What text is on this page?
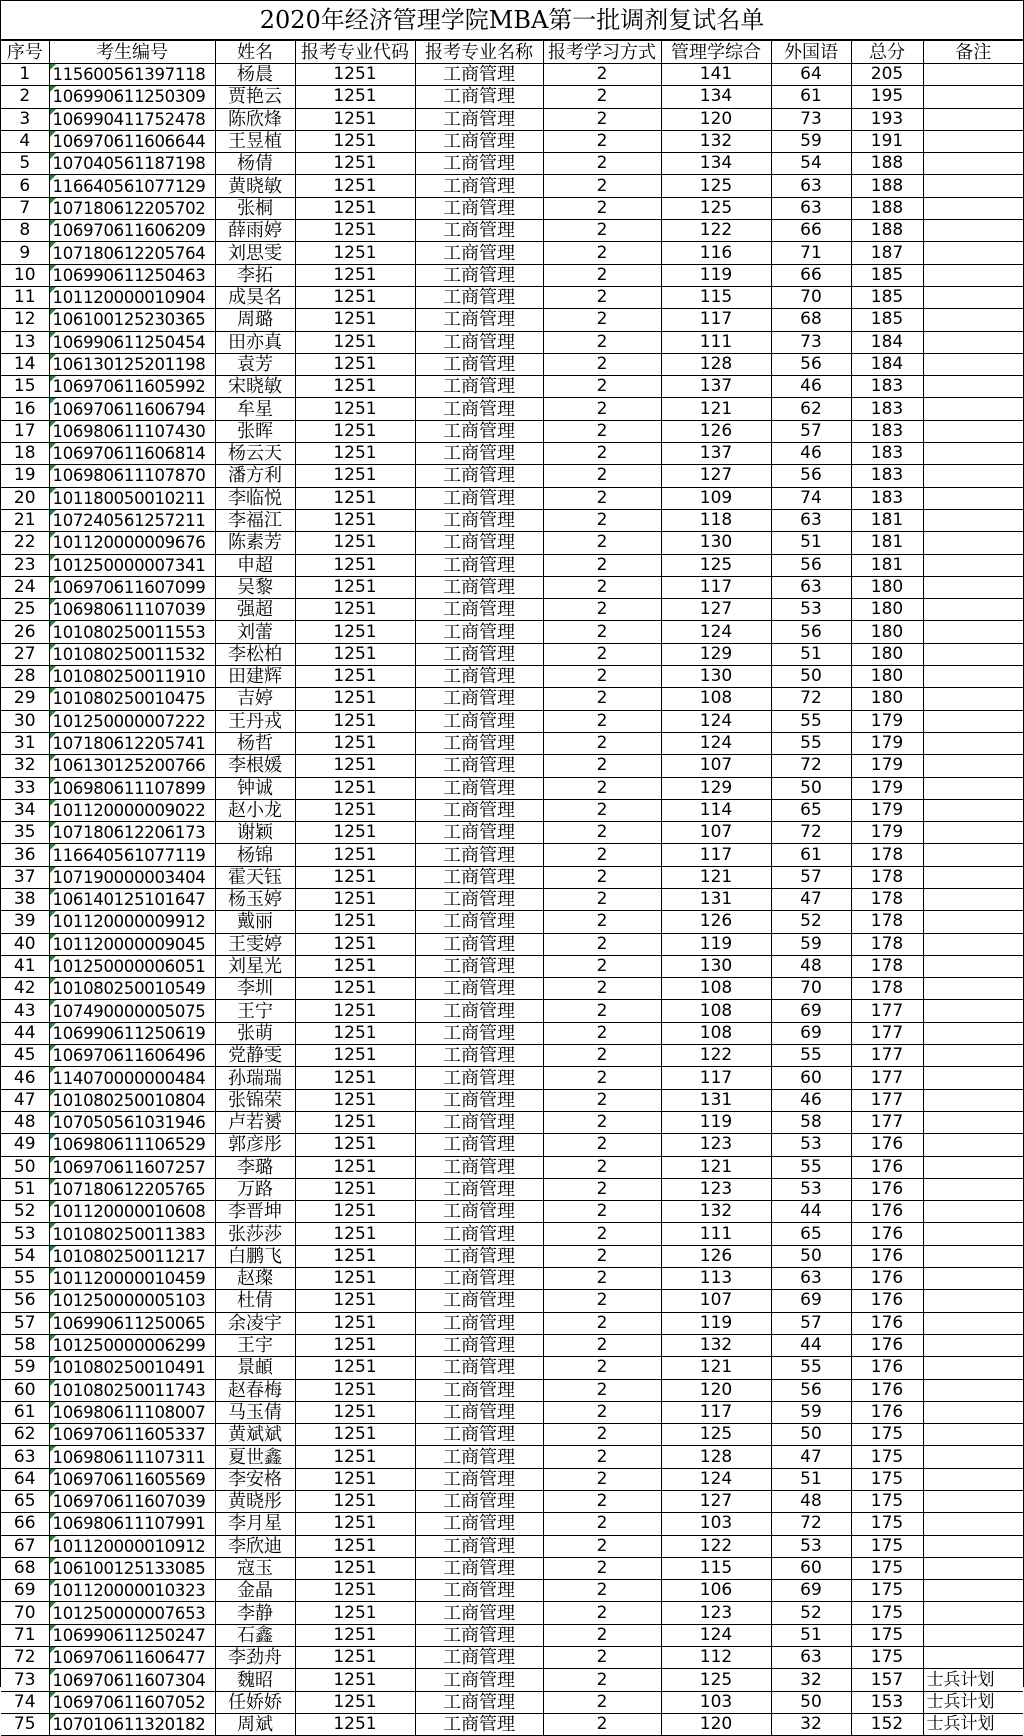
2020年经济管理学院MBA第一批调剂复试名单
序号	考生编号	姓名	报考专业代码	报考专业名称	报考学习方式	管理学综合	外国语	总分	备注
1	115600561397118	杨晨	1251	工商管理	2	141	64	205	
2	106990611250309	贾艳云	1251	工商管理	2	134	61	195	
3	106990411752478	陈欣烽	1251	工商管理	2	120	73	193	
4	106970611606644	王昱植	1251	工商管理	2	132	59	191	
5	107040561187198	杨倩	1251	工商管理	2	134	54	188	
6	116640561077129	黄晓敏	1251	工商管理	2	125	63	188	
7	107180612205702	张桐	1251	工商管理	2	125	63	188	
8	106970611606209	薛雨婷	1251	工商管理	2	122	66	188	
9	107180612205764	刘思雯	1251	工商管理	2	116	71	187	
10	106990611250463	李拓	1251	工商管理	2	119	66	185	
11	101120000010904	成昊名	1251	工商管理	2	115	70	185	
12	106100125230365	周璐	1251	工商管理	2	117	68	185	
13	106990611250454	田亦真	1251	工商管理	2	111	73	184	
14	106130125201198	袁芳	1251	工商管理	2	128	56	184	
15	106970611605992	宋晓敏	1251	工商管理	2	137	46	183	
16	106970611606794	牟星	1251	工商管理	2	121	62	183	
17	106980611107430	张晖	1251	工商管理	2	126	57	183	
18	106970611606814	杨云天	1251	工商管理	2	137	46	183	
19	106980611107870	潘方利	1251	工商管理	2	127	56	183	
20	101180050010211	李临悦	1251	工商管理	2	109	74	183	
21	107240561257211	李福江	1251	工商管理	2	118	63	181	
22	101120000009676	陈素芳	1251	工商管理	2	130	51	181	
23	101250000007341	申超	1251	工商管理	2	125	56	181	
24	106970611607099	吴黎	1251	工商管理	2	117	63	180	
25	106980611107039	强超	1251	工商管理	2	127	53	180	
26	101080250011553	刘蕾	1251	工商管理	2	124	56	180	
27	101080250011532	李松柏	1251	工商管理	2	129	51	180	
28	101080250011910	田建辉	1251	工商管理	2	130	50	180	
29	101080250010475	吉婷	1251	工商管理	2	108	72	180	
30	101250000007222	王丹戎	1251	工商管理	2	124	55	179	
31	107180612205741	杨哲	1251	工商管理	2	124	55	179	
32	106130125200766	李根媛	1251	工商管理	2	107	72	179	
33	106980611107899	钟诚	1251	工商管理	2	129	50	179	
34	101120000009022	赵小龙	1251	工商管理	2	114	65	179	
35	107180612206173	谢颖	1251	工商管理	2	107	72	179	
36	116640561077119	杨锦	1251	工商管理	2	117	61	178	
37	107190000003404	霍天钰	1251	工商管理	2	121	57	178	
38	106140125101647	杨玉婷	1251	工商管理	2	131	47	178	
39	101120000009912	戴丽	1251	工商管理	2	126	52	178	
40	101120000009045	王雯婷	1251	工商管理	2	119	59	178	
41	101250000006051	刘星光	1251	工商管理	2	130	48	178	
42	101080250010549	李圳	1251	工商管理	2	108	70	178	
43	107490000005075	王宁	1251	工商管理	2	108	69	177	
44	106990611250619	张萌	1251	工商管理	2	108	69	177	
45	106970611606496	党静雯	1251	工商管理	2	122	55	177	
46	114070000000484	孙瑞瑞	1251	工商管理	2	117	60	177	
47	101080250010804	张锦荣	1251	工商管理	2	131	46	177	
48	107050561031946	卢若赟	1251	工商管理	2	119	58	177	
49	106980611106529	郭彦彤	1251	工商管理	2	123	53	176	
50	106970611607257	李璐	1251	工商管理	2	121	55	176	
51	107180612205765	万路	1251	工商管理	2	123	53	176	
52	101120000010608	李晋坤	1251	工商管理	2	132	44	176	
53	101080250011383	张莎莎	1251	工商管理	2	111	65	176	
54	101080250011217	白鹏飞	1251	工商管理	2	126	50	176	
55	101120000010459	赵璨	1251	工商管理	2	113	63	176	
56	101250000005103	杜倩	1251	工商管理	2	107	69	176	
57	106990611250065	余凌宇	1251	工商管理	2	119	57	176	
58	101250000006299	王宇	1251	工商管理	2	132	44	176	
59	101080250010491	景頔	1251	工商管理	2	121	55	176	
60	101080250011743	赵春梅	1251	工商管理	2	120	56	176	
61	106980611108007	马玉倩	1251	工商管理	2	117	59	176	
62	106970611605337	黄斌斌	1251	工商管理	2	125	50	175	
63	106980611107311	夏世鑫	1251	工商管理	2	128	47	175	
64	106970611605569	李安格	1251	工商管理	2	124	51	175	
65	106970611607039	黄晓彤	1251	工商管理	2	127	48	175	
66	106980611107991	李月星	1251	工商管理	2	103	72	175	
67	101120000010912	李欣迪	1251	工商管理	2	122	53	175	
68	106100125133085	寇玉	1251	工商管理	2	115	60	175	
69	101120000010323	金晶	1251	工商管理	2	106	69	175	
70	101250000007653	李静	1251	工商管理	2	123	52	175	
71	106990611250247	石鑫	1251	工商管理	2	124	51	175	
72	106970611606477	李劲舟	1251	工商管理	2	112	63	175	
73	106970611607304	魏昭	1251	工商管理	2	125	32	157	士兵计划
74	106970611607052	任娇娇	1251	工商管理	2	103	50	153	士兵计划
75	107010611320182	周斌	1251	工商管理	2	120	32	152	士兵计划
